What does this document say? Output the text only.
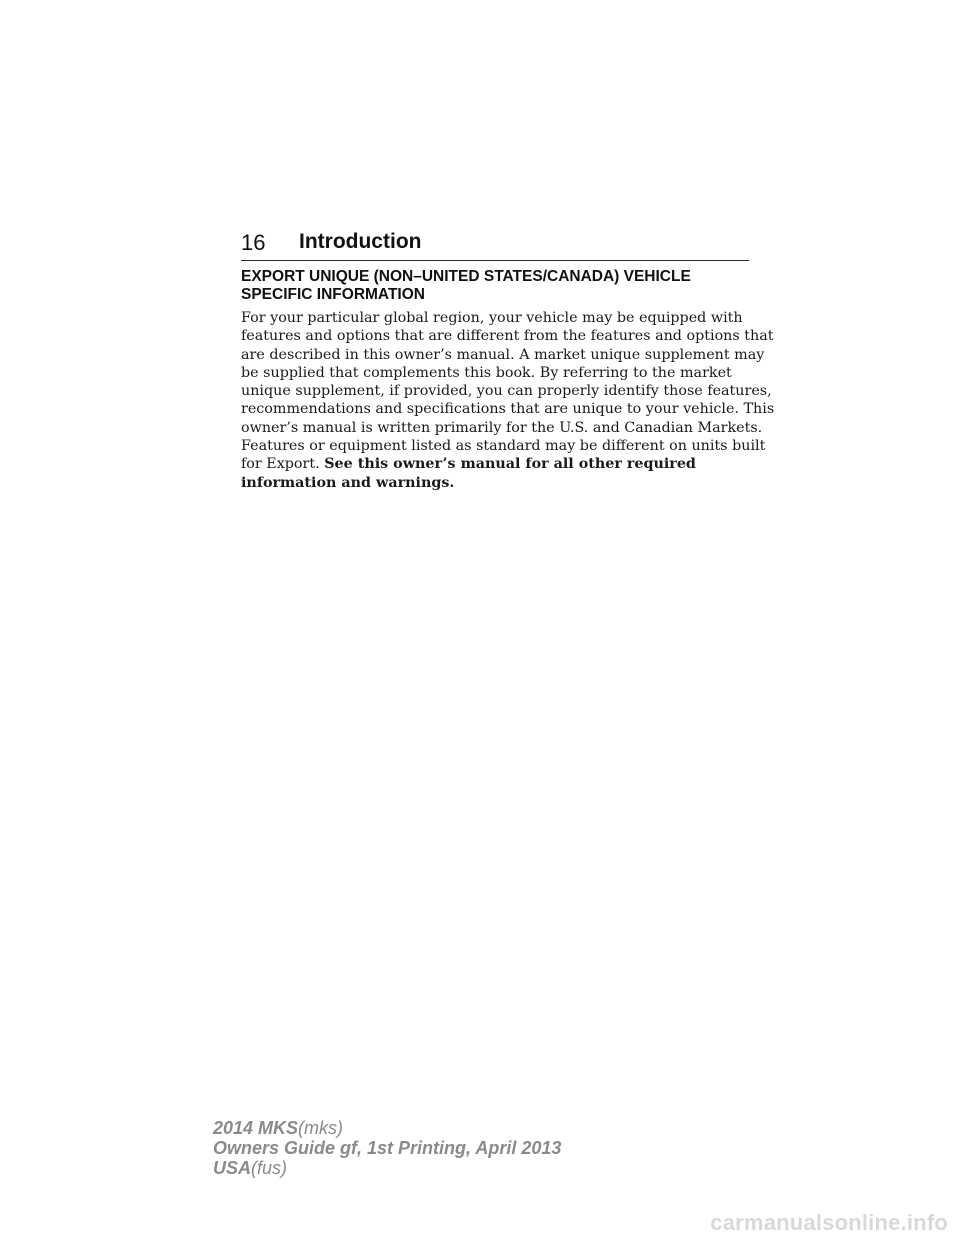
16 Introduction
EXPORT UNIQUE (NON–UNITED STATES/CANADA) VEHICLE
SPECIFIC INFORMATION

For your particular global region, your vehicle may be equipped with
features and options that are different from the features and options that
are described in this owner’s manual. A market unique supplement may
be supplied that complements this book. By referring to the market
unique supplement, if provided, you can properly identify those features,
recommendations and specifications that are unique to your vehicle. This
owner’s manual is written primarily for the U.S. and Canadian Markets.
Features or equipment listed as standard may be different on units built
for Export. See this owner’s manual for all other required
information and warnings.

2014 MKS(mks)
Owners Guide gf, 1st Printing, April 2013
USA(fus)
carmanualsonline.info
